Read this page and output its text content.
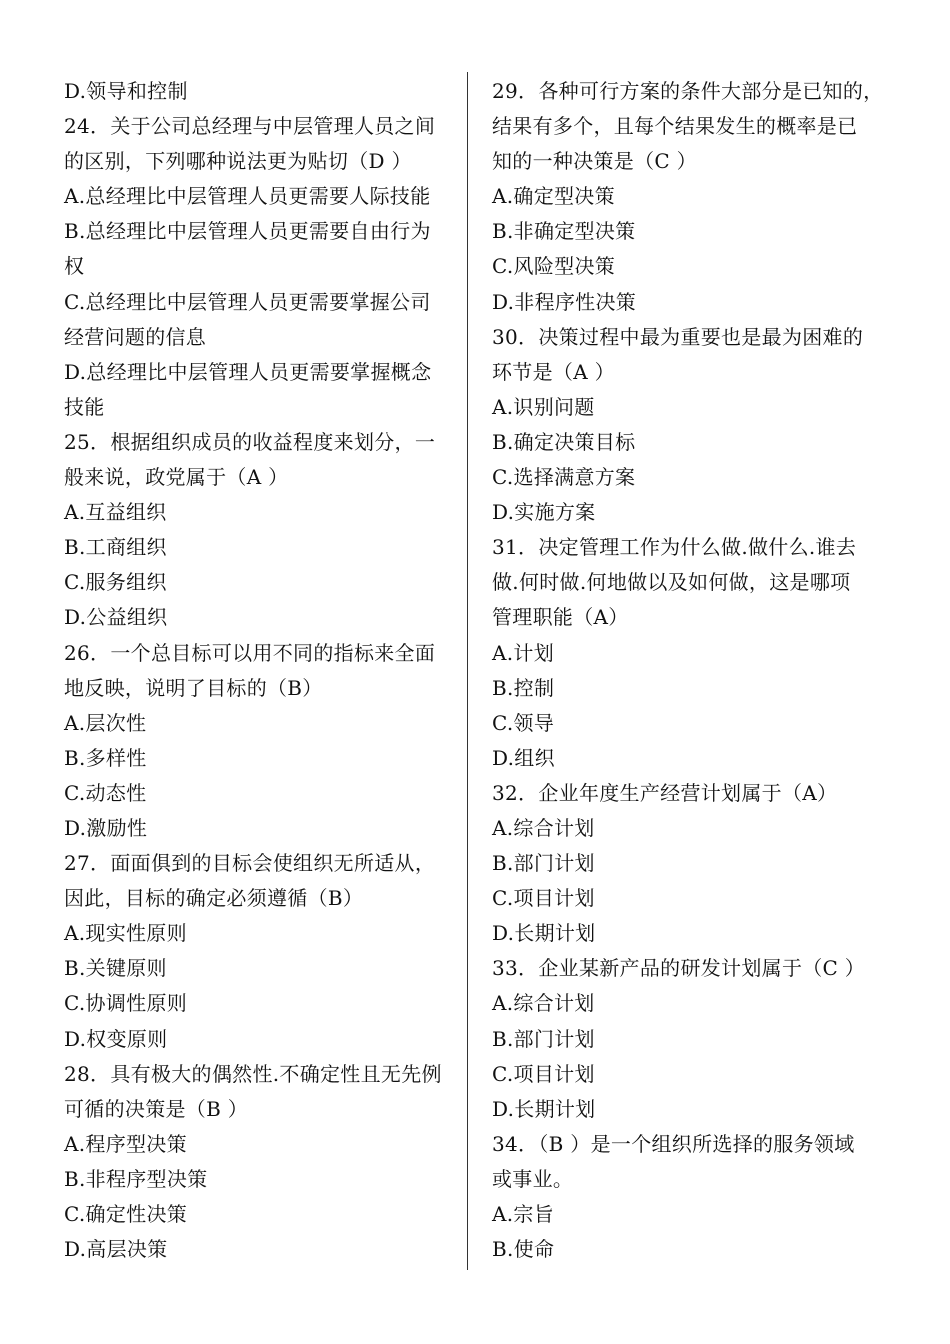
D.领导和控制
24．关于公司总经理与中层管理人员之间
的区别，下列哪种说法更为贴切（D ）
A.总经理比中层管理人员更需要人际技能
B.总经理比中层管理人员更需要自由行为
权
C.总经理比中层管理人员更需要掌握公司
经营问题的信息
D.总经理比中层管理人员更需要掌握概念
技能
25．根据组织成员的收益程度来划分，一
般来说，政党属于（A ）
A.互益组织
B.工商组织
C.服务组织
D.公益组织
26．一个总目标可以用不同的指标来全面
地反映，说明了目标的（B）
A.层次性
B.多样性
C.动态性
D.激励性
27．面面俱到的目标会使组织无所适从，
因此，目标的确定必须遵循（B）
A.现实性原则
B.关键原则
C.协调性原则
D.权变原则
28．具有极大的偶然性.不确定性且无先例
可循的决策是（B ）
A.程序型决策
B.非程序型决策
C.确定性决策
D.高层决策
29．各种可行方案的条件大部分是已知的，
结果有多个，且每个结果发生的概率是已
知的一种决策是（C ）
A.确定型决策
B.非确定型决策
C.风险型决策
D.非程序性决策
30．决策过程中最为重要也是最为困难的
环节是（A ）
A.识别问题
B.确定决策目标
C.选择满意方案
D.实施方案
31．决定管理工作为什么做.做什么.谁去
做.何时做.何地做以及如何做，这是哪项
管理职能（A）
A.计划
B.控制
C.领导
D.组织
32．企业年度生产经营计划属于（A）
A.综合计划
B.部门计划
C.项目计划
D.长期计划
33．企业某新产品的研发计划属于（C ）
A.综合计划
B.部门计划
C.项目计划
D.长期计划
34．（B ）是一个组织所选择的服务领域
或事业。
A.宗旨
B.使命
